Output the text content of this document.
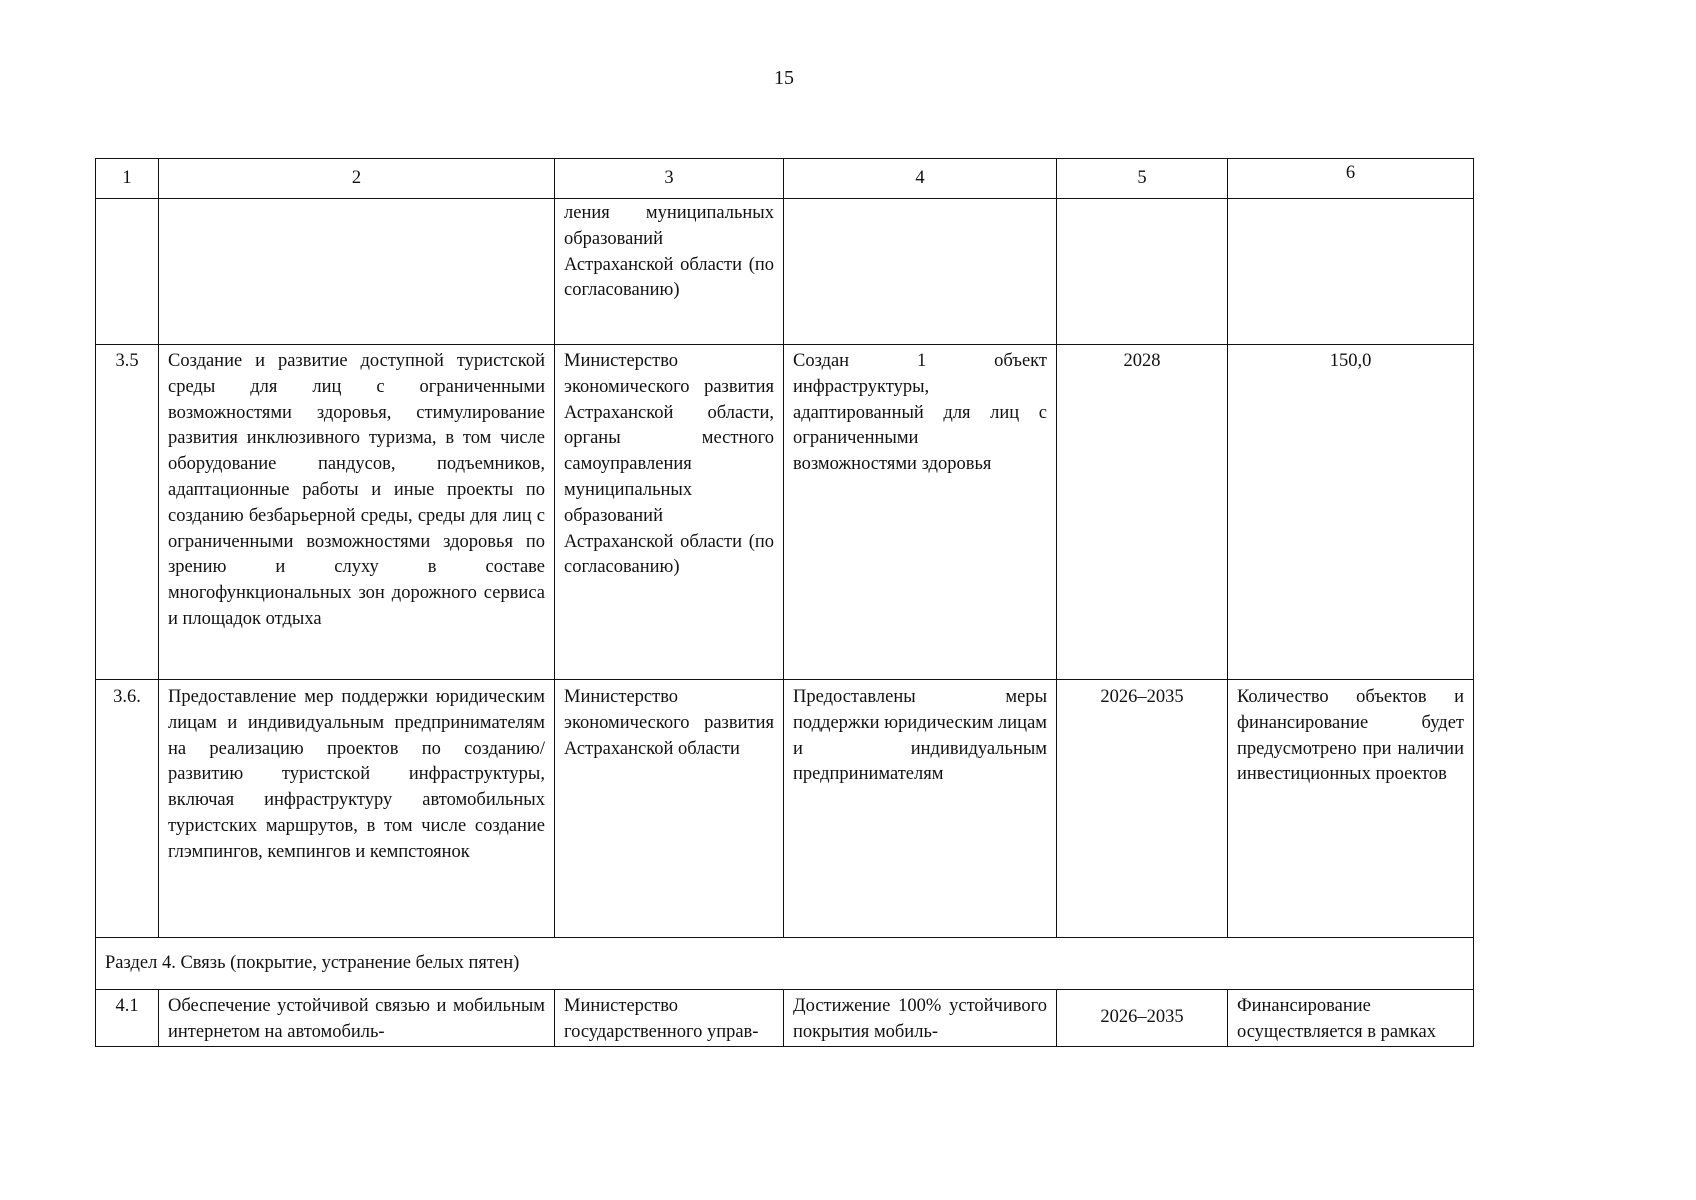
15
1	2	3	4	5	6
		ления муниципальных образований Астраханской области (по согласованию)			
3.5	Создание и развитие доступной туристской среды для лиц с ограниченными возможностями здоровья, стимулирование развития инклюзивного туризма, в том числе оборудование пандусов, подъемников, адаптационные работы и иные проекты по созданию безбарьерной среды, среды для лиц с ограниченными возможностями здоровья по зрению и слуху в составе многофункциональных зон дорожного сервиса и площадок отдыха	Министерство экономического развития Астраханской области, органы местного самоуправления муниципальных образований Астраханской области (по согласованию)	Создан 1 объект инфраструктуры, адаптированный для лиц с ограниченными возможностями здоровья	2028	150,0
3.6.	Предоставление мер поддержки юридическим лицам и индивидуальным предпринимателям на реализацию проектов по созданию/развитию туристской инфраструктуры, включая инфраструктуру автомобильных туристских маршрутов, в том числе создание глэмпингов, кемпингов и кемпстоянок	Министерство экономического развития Астраханской области	Предоставлены меры поддержки юридическим лицам и индивидуальным предпринимателям	2026–2035	Количество объектов и финансирование будет предусмотрено при наличии инвестиционных проектов
Раздел 4. Связь (покрытие, устранение белых пятен)					
4.1	Обеспечение устойчивой связью и мобильным интернетом на автомобиль-	Министерство государственного управ-	Достижение 100% устойчивого покрытия мобиль-	2026–2035	Финансирование осуществляется в рамках
